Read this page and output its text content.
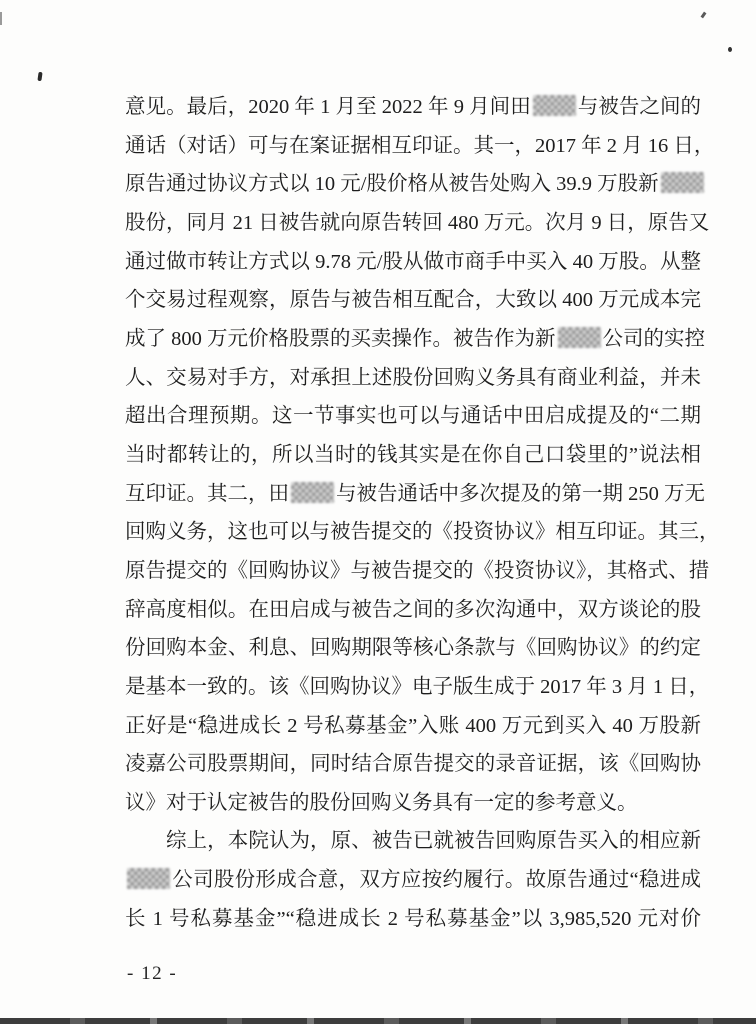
意见。最后，2020 年 1 月至 2022 年 9 月间田 与被告之间的
通话（对话）可与在案证据相互印证。其一，2017 年 2 月 16 日，
原告通过协议方式以 10 元/股价格从被告处购入 39.9 万股新
股份，同月 21 日被告就向原告转回 480 万元。次月 9 日，原告又
通过做市转让方式以 9.78 元/股从做市商手中买入 40 万股。从整
个交易过程观察，原告与被告相互配合，大致以 400 万元成本完
成了 800 万元价格股票的买卖操作。被告作为新 公司的实控
人、交易对手方，对承担上述股份回购义务具有商业利益，并未
超出合理预期。这一节事实也可以与通话中田启成提及的“二期
当时都转让的，所以当时的钱其实是在你自己口袋里的”说法相
互印证。其二，田 与被告通话中多次提及的第一期 250 万无
回购义务，这也可以与被告提交的《投资协议》相互印证。其三，
原告提交的《回购协议》与被告提交的《投资协议》，其格式、措
辞高度相似。在田启成与被告之间的多次沟通中，双方谈论的股
份回购本金、利息、回购期限等核心条款与《回购协议》的约定
是基本一致的。该《回购协议》电子版生成于 2017 年 3 月 1 日，
正好是“稳进成长 2 号私募基金”入账 400 万元到买入 40 万股新
凌嘉公司股票期间，同时结合原告提交的录音证据，该《回购协
议》对于认定被告的股份回购义务具有一定的参考意义。
综上，本院认为，原、被告已就被告回购原告买入的相应新
公司股份形成合意，双方应按约履行。故原告通过“稳进成
长 1 号私募基金”“稳进成长 2 号私募基金”以 3,985,520 元对价
- 12 -
